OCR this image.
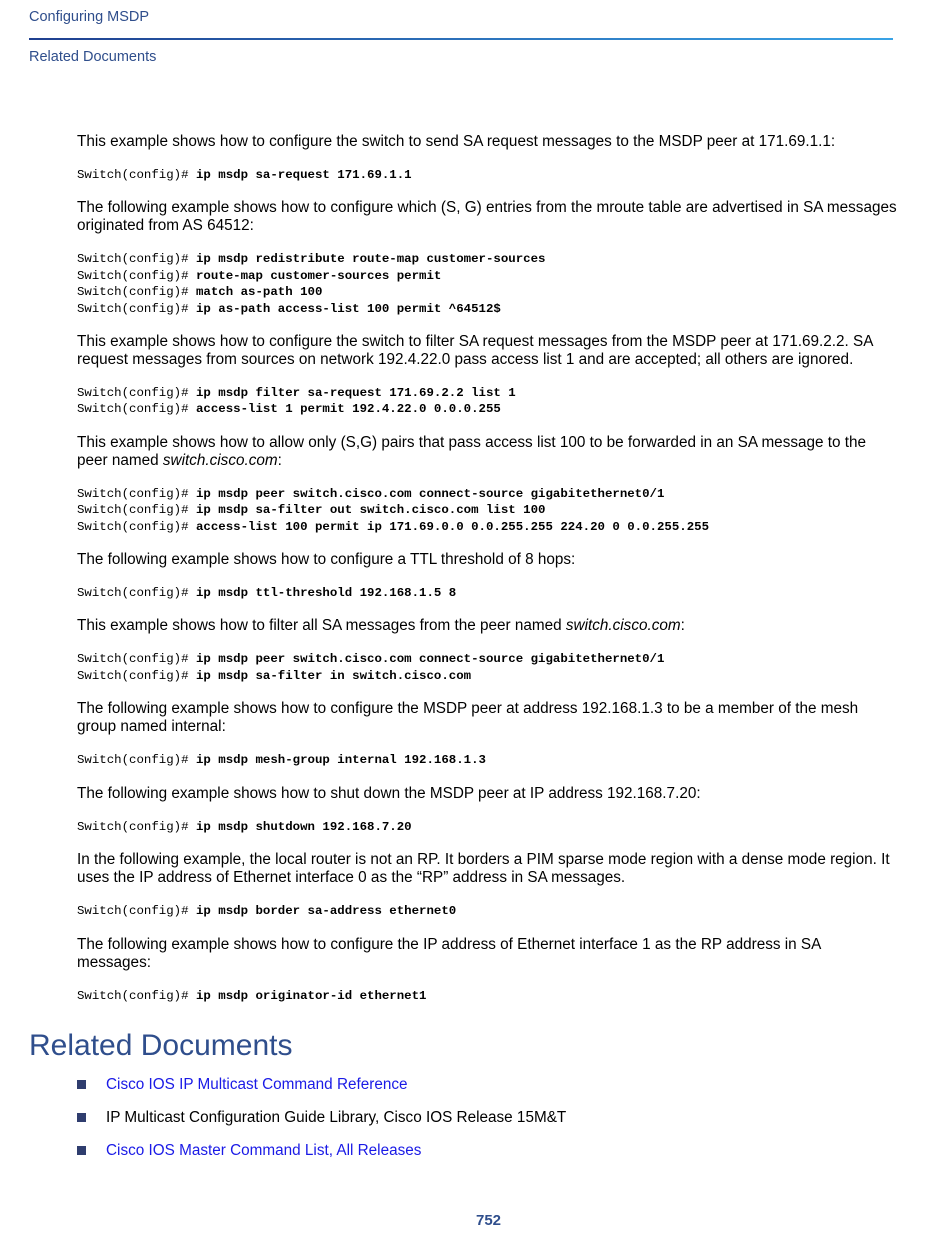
Configuring MSDP
Related Documents

This example shows how to configure the switch to send SA request messages to the MSDP peer at 171.69.1.1:

Switch(config)# ip msdp sa-request 171.69.1.1

The following example shows how to configure which (S, G) entries from the mroute table are advertised in SA messages originated from AS 64512:

Switch(config)# ip msdp redistribute route-map customer-sources
Switch(config)# route-map customer-sources permit
Switch(config)# match as-path 100
Switch(config)# ip as-path access-list 100 permit ^64512$

This example shows how to configure the switch to filter SA request messages from the MSDP peer at 171.69.2.2. SA request messages from sources on network 192.4.22.0 pass access list 1 and are accepted; all others are ignored.

Switch(config)# ip msdp filter sa-request 171.69.2.2 list 1
Switch(config)# access-list 1 permit 192.4.22.0 0.0.0.255

This example shows how to allow only (S,G) pairs that pass access list 100 to be forwarded in an SA message to the peer named switch.cisco.com:

Switch(config)# ip msdp peer switch.cisco.com connect-source gigabitethernet0/1
Switch(config)# ip msdp sa-filter out switch.cisco.com list 100
Switch(config)# access-list 100 permit ip 171.69.0.0 0.0.255.255 224.20 0 0.0.255.255

The following example shows how to configure a TTL threshold of 8 hops:

Switch(config)# ip msdp ttl-threshold 192.168.1.5 8

This example shows how to filter all SA messages from the peer named switch.cisco.com:

Switch(config)# ip msdp peer switch.cisco.com connect-source gigabitethernet0/1
Switch(config)# ip msdp sa-filter in switch.cisco.com

The following example shows how to configure the MSDP peer at address 192.168.1.3 to be a member of the mesh group named internal:

Switch(config)# ip msdp mesh-group internal 192.168.1.3

The following example shows how to shut down the MSDP peer at IP address 192.168.7.20:

Switch(config)# ip msdp shutdown 192.168.7.20

In the following example, the local router is not an RP. It borders a PIM sparse mode region with a dense mode region. It uses the IP address of Ethernet interface 0 as the “RP” address in SA messages.

Switch(config)# ip msdp border sa-address ethernet0

The following example shows how to configure the IP address of Ethernet interface 1 as the RP address in SA messages:

Switch(config)# ip msdp originator-id ethernet1
Related Documents
Cisco IOS IP Multicast Command Reference
IP Multicast Configuration Guide Library, Cisco IOS Release 15M&T
Cisco IOS Master Command List, All Releases
752
